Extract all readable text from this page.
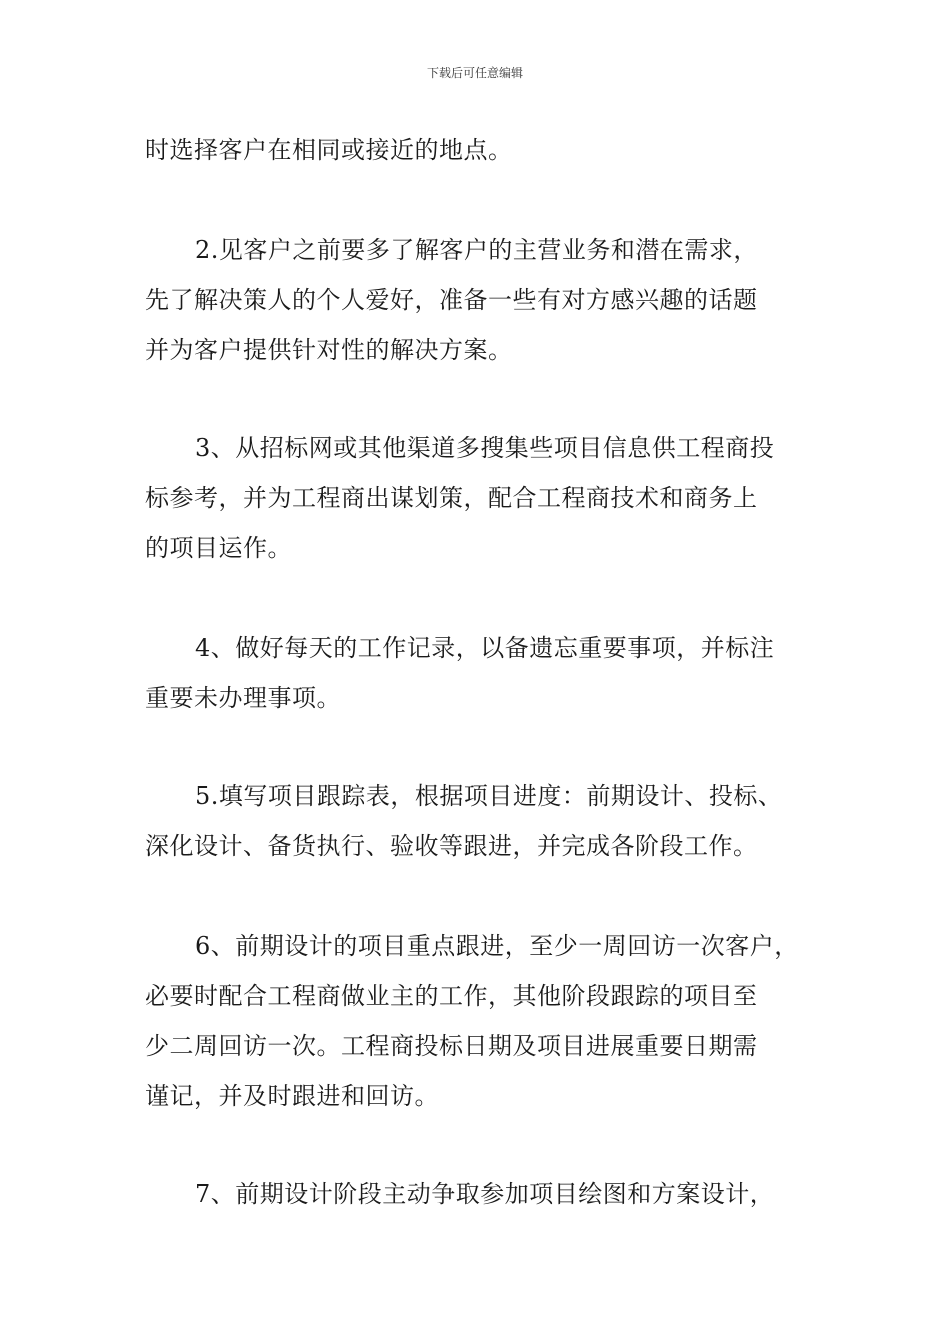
下载后可任意编辑
时选择客户在相同或接近的地点。
2.见客户之前要多了解客户的主营业务和潜在需求，
先了解决策人的个人爱好，准备一些有对方感兴趣的话题
并为客户提供针对性的解决方案。
3、从招标网或其他渠道多搜集些项目信息供工程商投
标参考，并为工程商出谋划策，配合工程商技术和商务上
的项目运作。
4、做好每天的工作记录，以备遗忘重要事项，并标注
重要未办理事项。
5.填写项目跟踪表，根据项目进度：前期设计、投标、
深化设计、备货执行、验收等跟进，并完成各阶段工作。
6、前期设计的项目重点跟进，至少一周回访一次客户，
必要时配合工程商做业主的工作，其他阶段跟踪的项目至
少二周回访一次。工程商投标日期及项目进展重要日期需
谨记，并及时跟进和回访。
7、前期设计阶段主动争取参加项目绘图和方案设计，
